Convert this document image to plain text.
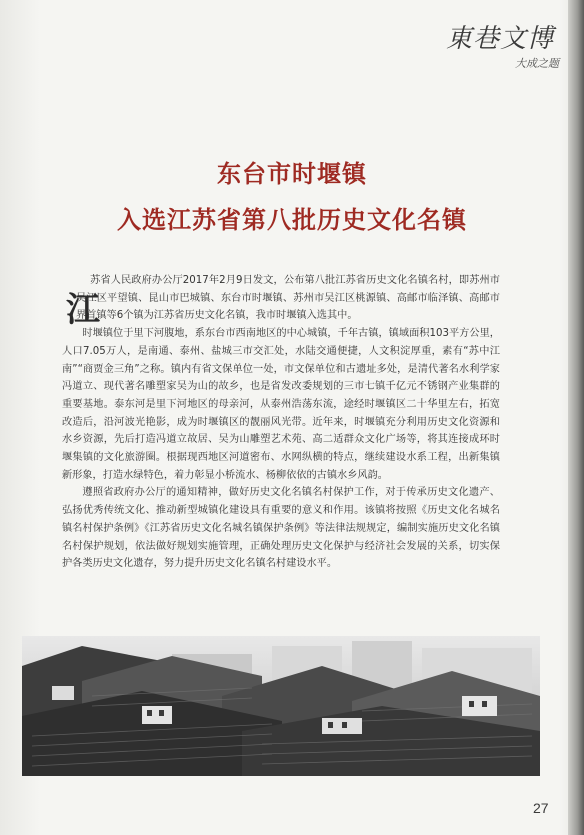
東巷文博
大成之题
东台市时堰镇
入选江苏省第八批历史文化名镇
江

苏省人民政府办公厅2017年2月9日发文，公布第八批江苏省历史文化名镇名村，即苏州市吴江区平望镇、昆山市巴城镇、东台市时堰镇、苏州市吴江区桃源镇、高邮市临泽镇、高邮市界首镇等6个镇为江苏省历史文化名镇，我市时堰镇入选其中。

时堰镇位于里下河腹地，系东台市西南地区的中心城镇，千年古镇，镇域面积103平方公里，人口7.05万人，是南通、泰州、盐城三市交汇处，水陆交通便捷，人文积淀厚重，素有“苏中江南”“商贾金三角”之称。镇内有省文保单位一处，市文保单位和古遗址多处，是清代著名水利学家冯道立、现代著名雕塑家吴为山的故乡，也是省发改委规划的三市七镇千亿元不锈钢产业集群的重要基地。泰东河是里下河地区的母亲河，从泰州浩荡东流，途经时堰镇区二十华里左右，拓宽改造后，沿河波光艳影，成为时堰镇区的靓丽风光带。近年来，时堰镇充分利用历史文化资源和水乡资源，先后打造冯道立故居、吴为山雕塑艺术苑、高二适群众文化广场等，将其连接成环时堰集镇的文化旅游圈。根据现西地区河道密布、水网纵横的特点，继续建设水系工程，出新集镇新形象，打造水绿特色，着力彰显小桥流水、杨柳依依的古镇水乡风韵。

遵照省政府办公厅的通知精神，做好历史文化名镇名村保护工作，对于传承历史文化遗产、弘扬优秀传统文化、推动新型城镇化建设具有重要的意义和作用。该镇将按照《历史文化名城名镇名村保护条例》《江苏省历史文化名城名镇保护条例》等法律法规规定，编制实施历史文化名镇名村保护规划，依法做好规划实施管理，正确处理历史文化保护与经济社会发展的关系，切实保护各类历史文化遗存，努力提升历史文化名镇名村建设水平。

27
